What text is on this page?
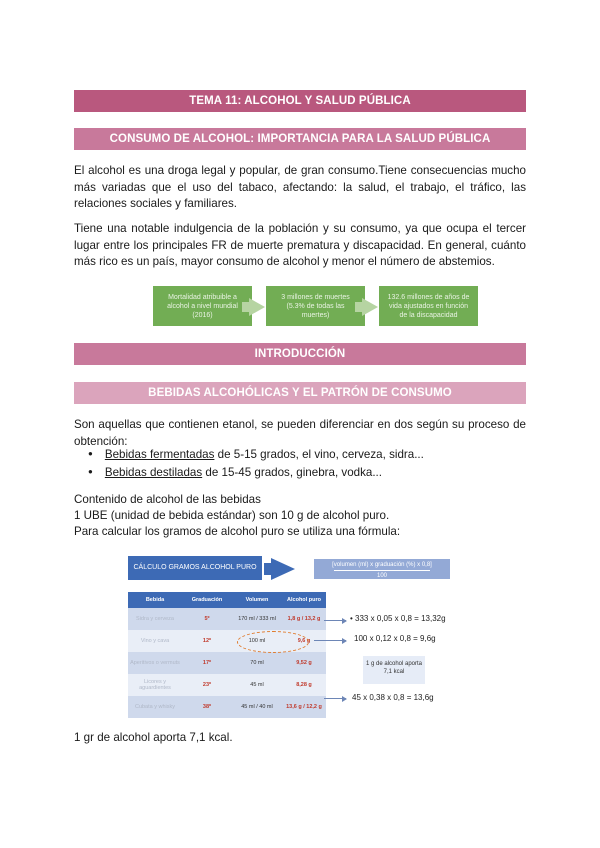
TEMA 11: ALCOHOL Y SALUD PÚBLICA
CONSUMO DE ALCOHOL: IMPORTANCIA PARA LA SALUD PÚBLICA
El alcohol es una droga legal y popular, de gran consumo.Tiene consecuencias mucho más variadas que el uso del tabaco, afectando: la salud, el trabajo, el tráfico, las relaciones sociales y familiares.
Tiene una notable indulgencia de la población y su consumo, ya que ocupa el tercer lugar entre los principales FR de muerte prematura y discapacidad. En general, cuánto más rico es un país, mayor consumo de alcohol y menor el número de abstemios.
Mortalidad atribuible a alcohol a nivel mundial (2016)
3 millones de muertes (5.3% de todas las muertes)
132.6 millones de años de vida ajustados en función de la discapacidad
INTRODUCCIÓN
BEBIDAS ALCOHÓLICAS Y EL PATRÓN DE CONSUMO
Son aquellas que contienen etanol, se pueden diferenciar en dos según su proceso de obtención:
● Bebidas fermentadas de 5-15 grados, el vino, cerveza, sidra...
● Bebidas destiladas de 15-45 grados, ginebra, vodka...
Contenido de alcohol de las bebidas
1 UBE (unidad de bebida estándar) son 10 g de alcohol puro.
Para calcular los gramos de alcohol puro se utiliza una fórmula:
CÁLCULO GRAMOS ALCOHOL PURO	[volumen (ml) x graduación (%) x 0,8]
100
Bebida	Graduación	Volumen	Alcohol puro
Sidra y cerveza	5º	170 ml / 333 ml	1,8 g / 13,2 g
Vino y cava	12º	100 ml	9,6 g
Aperitivos o vermuts	17º	70 ml	9,52 g
Licores y aguardientes	23º	45 ml	8,28 g
Cubata y whisky	38º	45 ml / 40 ml	13,6 g / 12,2 g
• 333 x 0,05 x 0,8 = 13,32g
100 x 0,12 x 0,8 = 9,6g
1 g de alcohol aporta 7,1 kcal
45 x 0,38 x 0,8 = 13,6g
1 gr de alcohol aporta 7,1 kcal.
